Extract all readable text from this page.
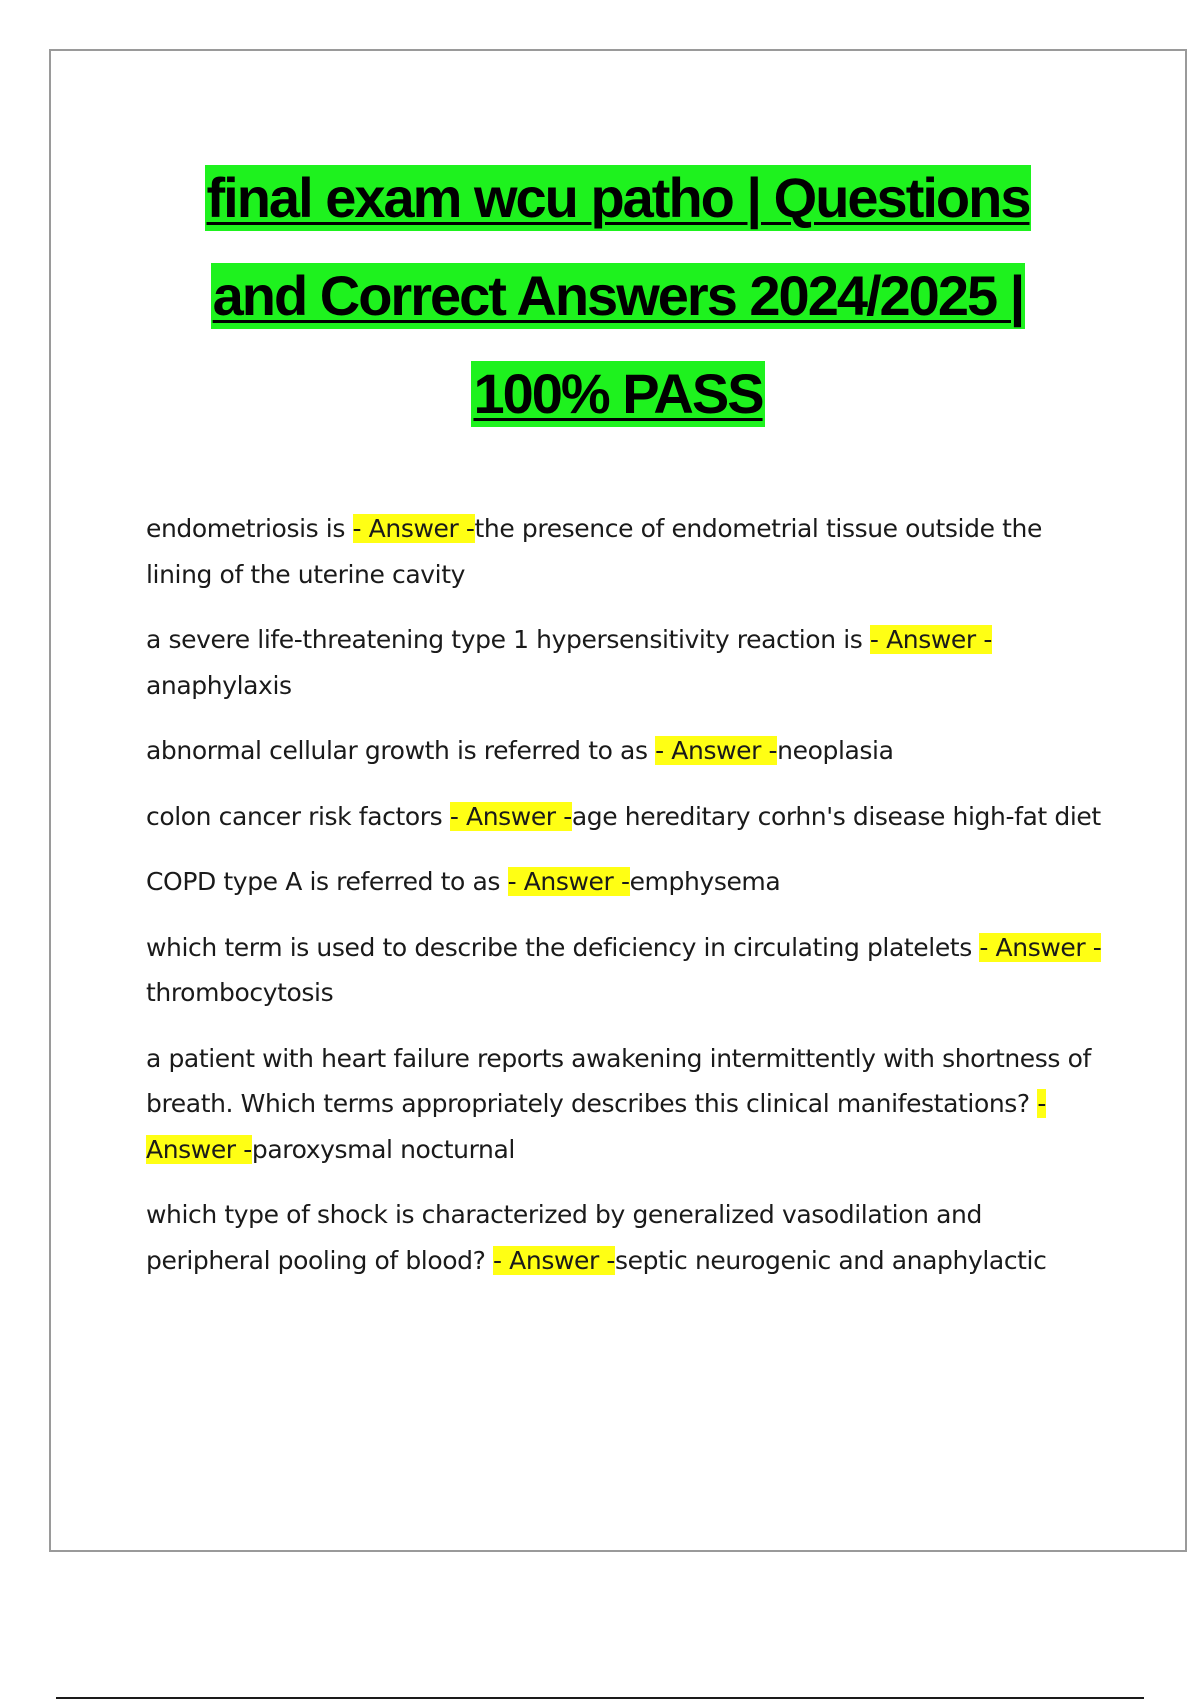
final exam wcu patho | Questions
and Correct Answers 2024/2025 |
100% PASS

endometriosis is - Answer -the presence of endometrial tissue outside the lining of the uterine cavity

a severe life-threatening type 1 hypersensitivity reaction is - Answer -anaphylaxis

abnormal cellular growth is referred to as - Answer -neoplasia

colon cancer risk factors - Answer -age hereditary corhn's disease high-fat diet

COPD type A is referred to as - Answer -emphysema

which term is used to describe the deficiency in circulating platelets - Answer -thrombocytosis

a patient with heart failure reports awakening intermittently with shortness of breath. Which terms appropriately describes this clinical manifestations? - Answer -paroxysmal nocturnal

which type of shock is characterized by generalized vasodilation and peripheral pooling of blood? - Answer -septic neurogenic and anaphylactic
